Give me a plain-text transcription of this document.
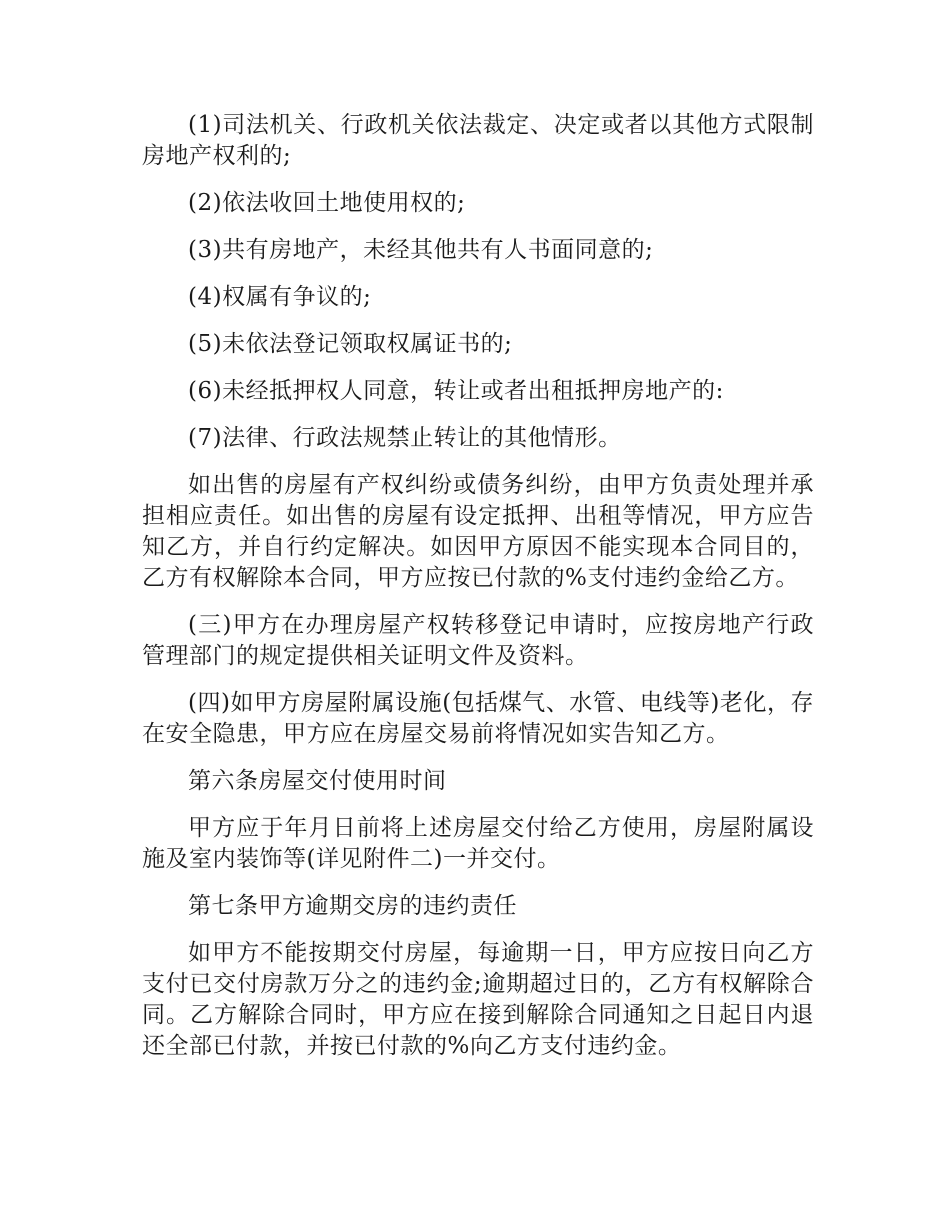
(1)司法机关、行政机关依法裁定、决定或者以其他方式限制房地产权利的;

(2)依法收回土地使用权的;

(3)共有房地产，未经其他共有人书面同意的;

(4)权属有争议的;

(5)未依法登记领取权属证书的;

(6)未经抵押权人同意，转让或者出租抵押房地产的:

(7)法律、行政法规禁止转让的其他情形。

如出售的房屋有产权纠纷或债务纠纷，由甲方负责处理并承担相应责任。如出售的房屋有设定抵押、出租等情况，甲方应告知乙方，并自行约定解决。如因甲方原因不能实现本合同目的，乙方有权解除本合同，甲方应按已付款的%支付违约金给乙方。

(三)甲方在办理房屋产权转移登记申请时，应按房地产行政管理部门的规定提供相关证明文件及资料。

(四)如甲方房屋附属设施(包括煤气、水管、电线等)老化，存在安全隐患，甲方应在房屋交易前将情况如实告知乙方。

第六条房屋交付使用时间

甲方应于年月日前将上述房屋交付给乙方使用，房屋附属设施及室内装饰等(详见附件二)一并交付。

第七条甲方逾期交房的违约责任

如甲方不能按期交付房屋，每逾期一日，甲方应按日向乙方支付已交付房款万分之的违约金;逾期超过日的，乙方有权解除合同。乙方解除合同时，甲方应在接到解除合同通知之日起日内退还全部已付款，并按已付款的%向乙方支付违约金。
